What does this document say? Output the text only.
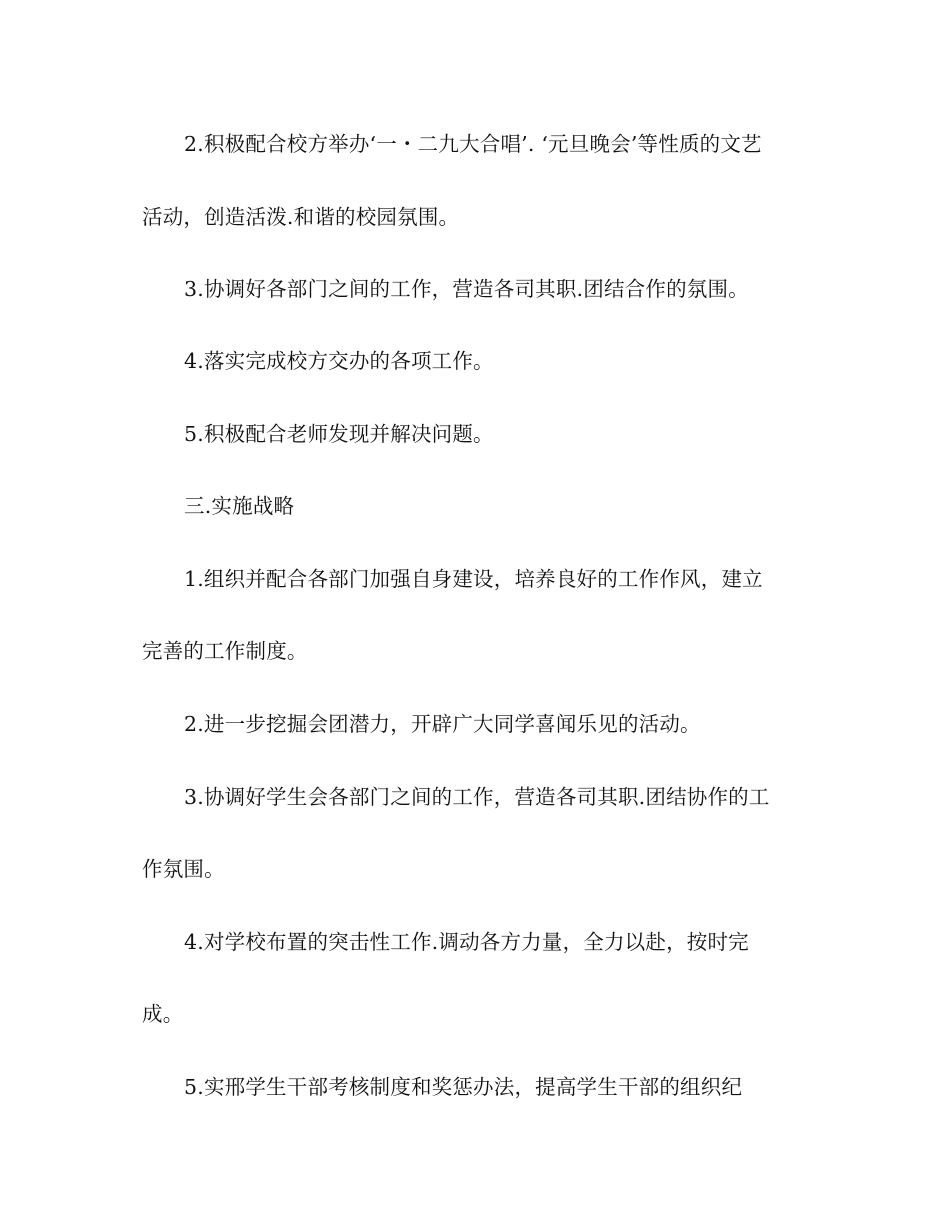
2.积极配合校方举办‘一・二九大合唱’. ‘元旦晚会’等性质的文艺
活动，创造活泼.和谐的校园氛围。
3.协调好各部门之间的工作，营造各司其职.团结合作的氛围。
4.落实完成校方交办的各项工作。
5.积极配合老师发现并解决问题。
三.实施战略
1.组织并配合各部门加强自身建设，培养良好的工作作风，建立
完善的工作制度。
2.进一步挖掘会团潜力，开辟广大同学喜闻乐见的活动。
3.协调好学生会各部门之间的工作，营造各司其职.团结协作的工
作氛围。
4.对学校布置的突击性工作.调动各方力量，全力以赴，按时完
成。
5.实邢学生干部考核制度和奖惩办法，提高学生干部的组织纪
